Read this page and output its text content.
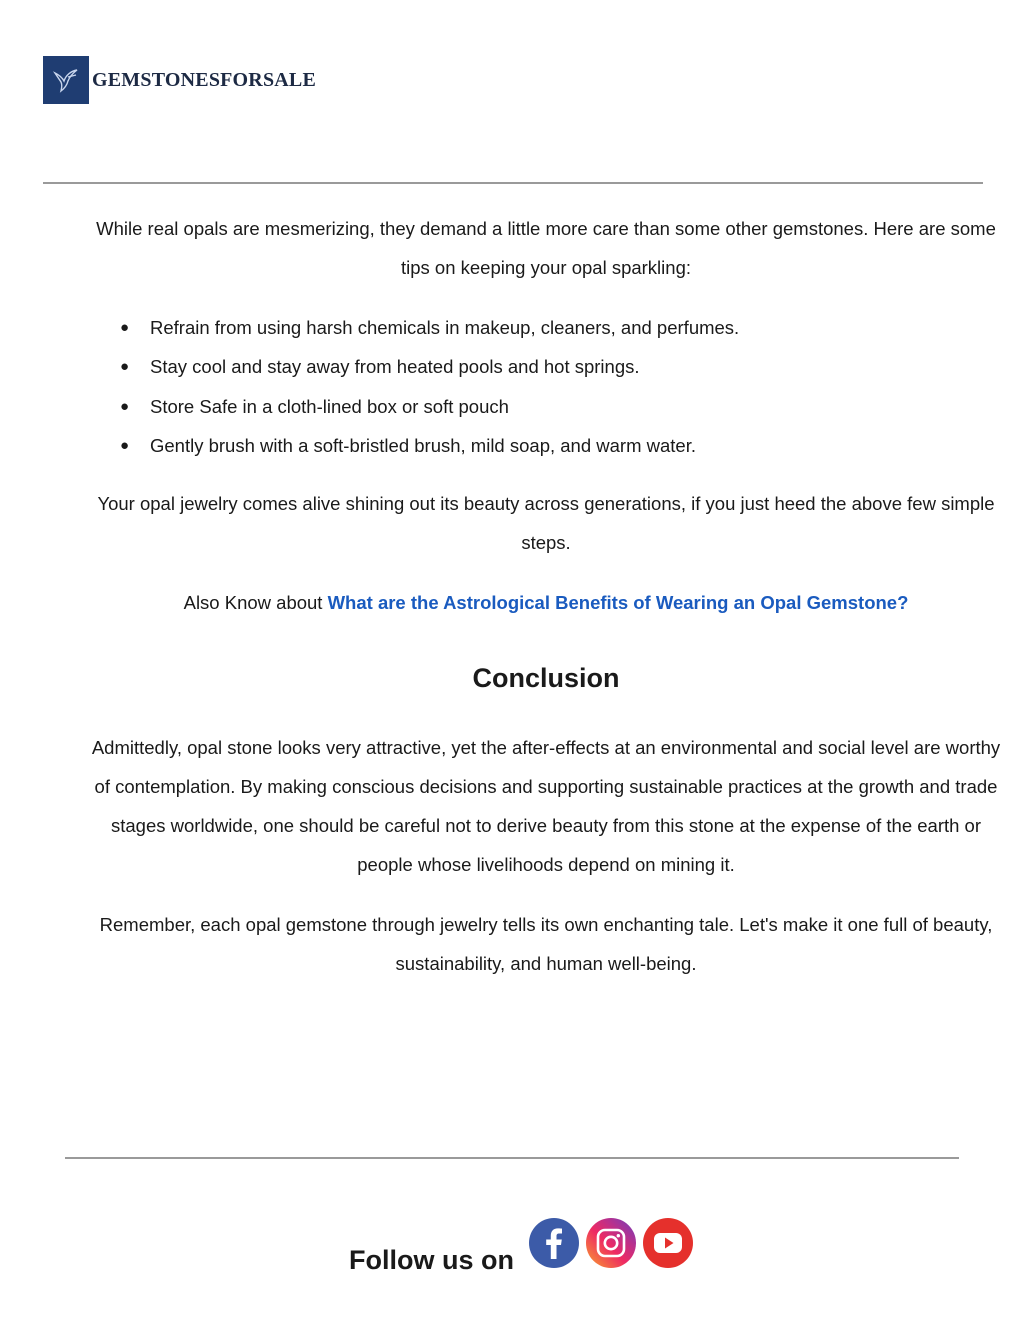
GEMSTONESFORSALE

While real opals are mesmerizing, they demand a little more care than some other gemstones. Here are some tips on keeping your opal sparkling:

●	Refrain from using harsh chemicals in makeup, cleaners, and perfumes.
●	Stay cool and stay away from heated pools and hot springs.
●	Store Safe in a cloth-lined box or soft pouch
●	Gently brush with a soft-bristled brush, mild soap, and warm water.

Your opal jewelry comes alive shining out its beauty across generations, if you just heed the above few simple steps.

Also Know about What are the Astrological Benefits of Wearing an Opal Gemstone?
Conclusion

Admittedly, opal stone looks very attractive, yet the after-effects at an environmental and social level are worthy of contemplation. By making conscious decisions and supporting sustainable practices at the growth and trade stages worldwide, one should be careful not to derive beauty from this stone at the expense of the earth or people whose livelihoods depend on mining it.

Remember, each opal gemstone through jewelry tells its own enchanting tale. Let's make it one full of beauty, sustainability, and human well-being.

Follow us on
